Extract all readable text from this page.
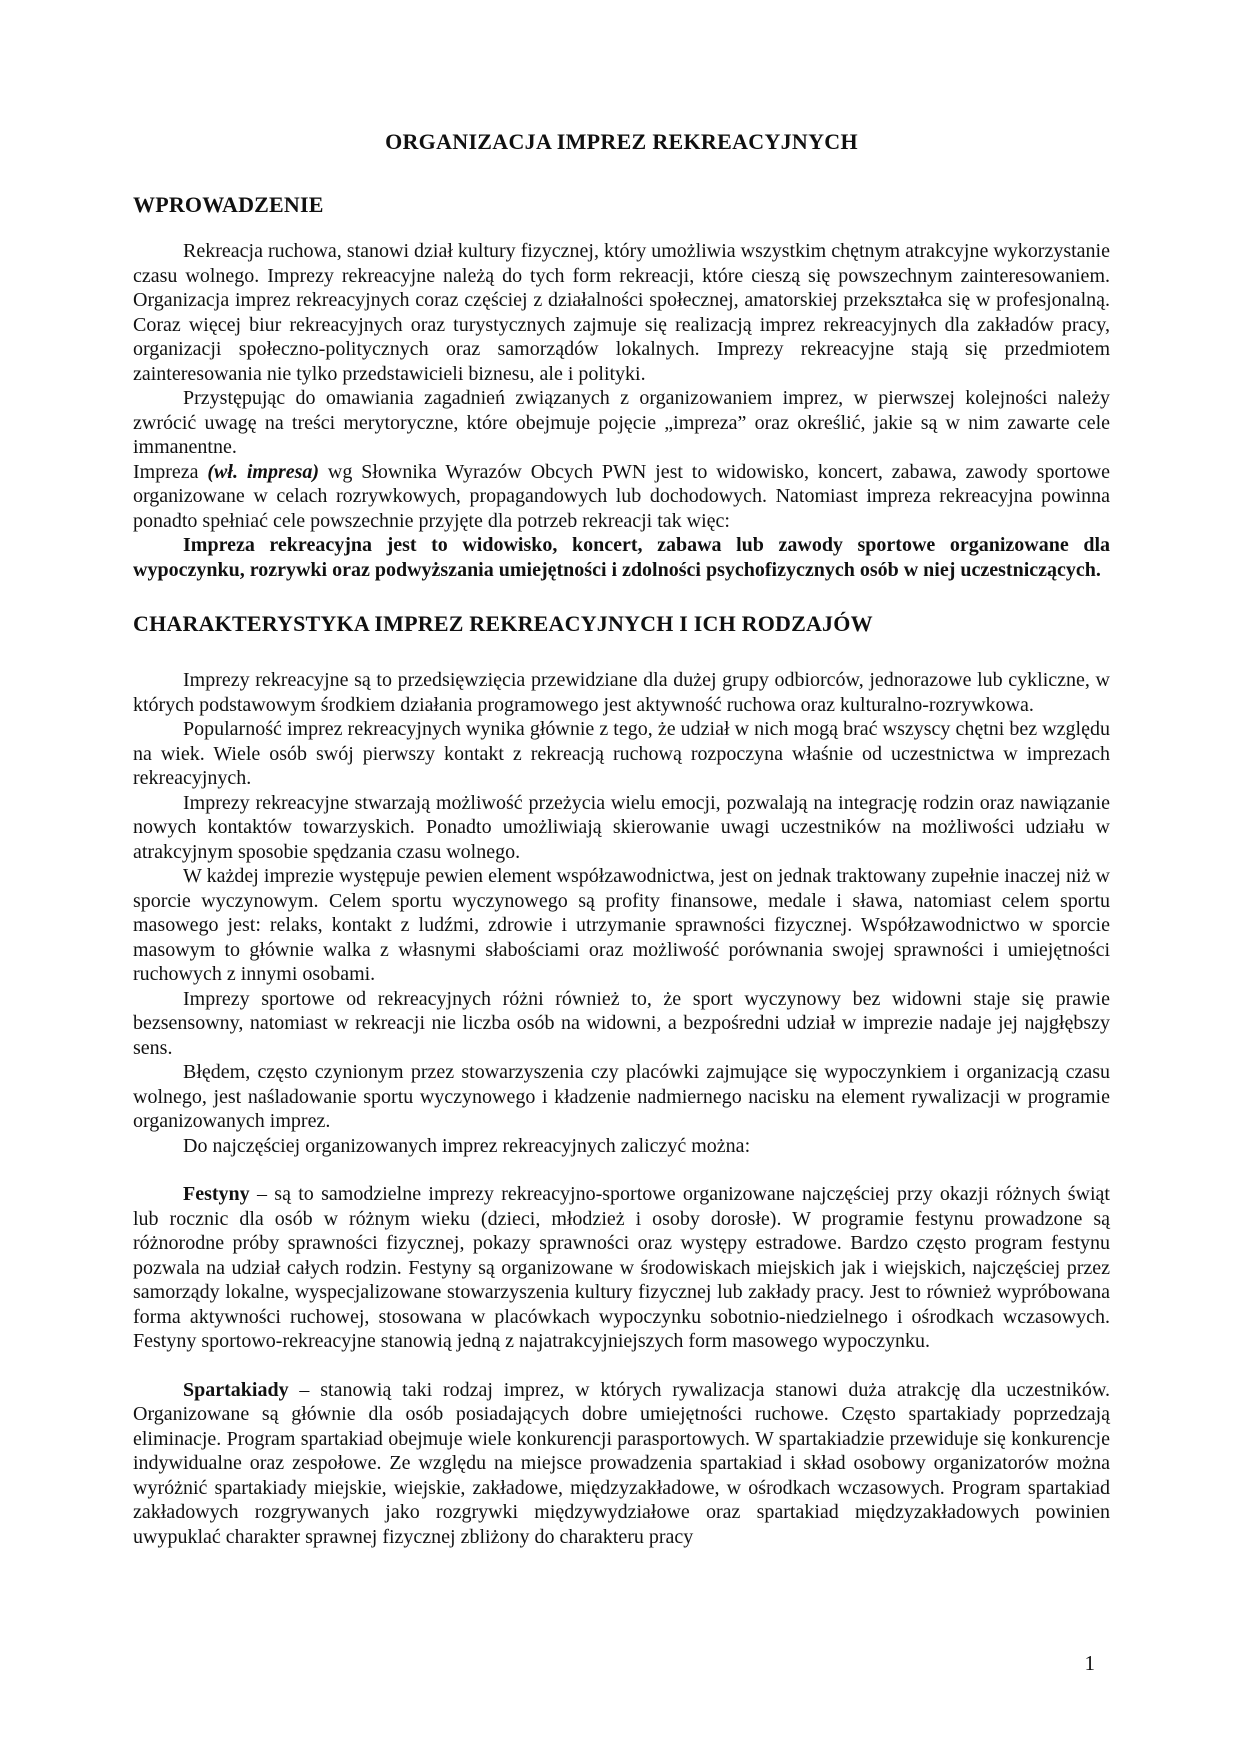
ORGANIZACJA IMPREZ REKREACYJNYCH
WPROWADZENIE

Rekreacja ruchowa, stanowi dział kultury fizycznej, który umożliwia wszystkim chętnym atrakcyjne wykorzystanie czasu wolnego. Imprezy rekreacyjne należą do tych form rekreacji, które cieszą się powszechnym zainteresowaniem. Organizacja imprez rekreacyjnych coraz częściej z działalności społecznej, amatorskiej przekształca się w profesjonalną. Coraz więcej biur rekreacyjnych oraz turystycznych zajmuje się realizacją imprez rekreacyjnych dla zakładów pracy, organizacji społeczno-politycznych oraz samorządów lokalnych. Imprezy rekreacyjne stają się przedmiotem zainteresowania nie tylko przedstawicieli biznesu, ale i polityki.

Przystępując do omawiania zagadnień związanych z organizowaniem imprez, w pierwszej kolejności należy zwrócić uwagę na treści merytoryczne, które obejmuje pojęcie „impreza” oraz określić, jakie są w nim zawarte cele immanentne.

Impreza (wł. impresa) wg Słownika Wyrazów Obcych PWN jest to widowisko, koncert, zabawa, zawody sportowe organizowane w celach rozrywkowych, propagandowych lub dochodowych. Natomiast impreza rekreacyjna powinna ponadto spełniać cele powszechnie przyjęte dla potrzeb rekreacji tak więc:

Impreza rekreacyjna jest to widowisko, koncert, zabawa lub zawody sportowe organizowane dla wypoczynku, rozrywki oraz podwyższania umiejętności i zdolności psychofizycznych osób w niej uczestniczących.

CHARAKTERYSTYKA IMPREZ REKREACYJNYCH I ICH RODZAJÓW

Imprezy rekreacyjne są to przedsięwzięcia przewidziane dla dużej grupy odbiorców, jednorazowe lub cykliczne, w których podstawowym środkiem działania programowego jest aktywność ruchowa oraz kulturalno-rozrywkowa.

Popularność imprez rekreacyjnych wynika głównie z tego, że udział w nich mogą brać wszyscy chętni bez względu na wiek. Wiele osób swój pierwszy kontakt z rekreacją ruchową rozpoczyna właśnie od uczestnictwa w imprezach rekreacyjnych.

Imprezy rekreacyjne stwarzają możliwość przeżycia wielu emocji, pozwalają na integrację rodzin oraz nawiązanie nowych kontaktów towarzyskich. Ponadto umożliwiają skierowanie uwagi uczestników na możliwości udziału w atrakcyjnym sposobie spędzania czasu wolnego.

W każdej imprezie występuje pewien element współzawodnictwa, jest on jednak traktowany zupełnie inaczej niż w sporcie wyczynowym. Celem sportu wyczynowego są profity finansowe, medale i sława, natomiast celem sportu masowego jest: relaks, kontakt z ludźmi, zdrowie i utrzymanie sprawności fizycznej. Współzawodnictwo w sporcie masowym to głównie walka z własnymi słabościami oraz możliwość porównania swojej sprawności i umiejętności ruchowych z innymi osobami.

Imprezy sportowe od rekreacyjnych różni również to, że sport wyczynowy bez widowni staje się prawie bezsensowny, natomiast w rekreacji nie liczba osób na widowni, a bezpośredni udział w imprezie nadaje jej najgłębszy sens.

Błędem, często czynionym przez stowarzyszenia czy placówki zajmujące się wypoczynkiem i organizacją czasu wolnego, jest naśladowanie sportu wyczynowego i kładzenie nadmiernego nacisku na element rywalizacji w programie organizowanych imprez.

Do najczęściej organizowanych imprez rekreacyjnych zaliczyć można:

Festyny – są to samodzielne imprezy rekreacyjno-sportowe organizowane najczęściej przy okazji różnych świąt lub rocznic dla osób w różnym wieku (dzieci, młodzież i osoby dorosłe). W programie festynu prowadzone są różnorodne próby sprawności fizycznej, pokazy sprawności oraz występy estradowe. Bardzo często program festynu pozwala na udział całych rodzin. Festyny są organizowane w środowiskach miejskich jak i wiejskich, najczęściej przez samorządy lokalne, wyspecjalizowane stowarzyszenia kultury fizycznej lub zakłady pracy. Jest to również wypróbowana forma aktywności ruchowej, stosowana w placówkach wypoczynku sobotnio-niedzielnego i ośrodkach wczasowych. Festyny sportowo-rekreacyjne stanowią jedną z najatrakcyjniejszych form masowego wypoczynku.

Spartakiady – stanowią taki rodzaj imprez, w których rywalizacja stanowi duża atrakcję dla uczestników. Organizowane są głównie dla osób posiadających dobre umiejętności ruchowe. Często spartakiady poprzedzają eliminacje. Program spartakiad obejmuje wiele konkurencji parasportowych. W spartakiadzie przewiduje się konkurencje indywidualne oraz zespołowe. Ze względu na miejsce prowadzenia spartakiad i skład osobowy organizatorów można wyróżnić spartakiady miejskie, wiejskie, zakładowe, międzyzakładowe, w ośrodkach wczasowych. Program spartakiad zakładowych rozgrywanych jako rozgrywki międzywydziałowe oraz spartakiad międzyzakładowych powinien uwypuklać charakter sprawnej fizycznej zbliżony do charakteru pracy

1
